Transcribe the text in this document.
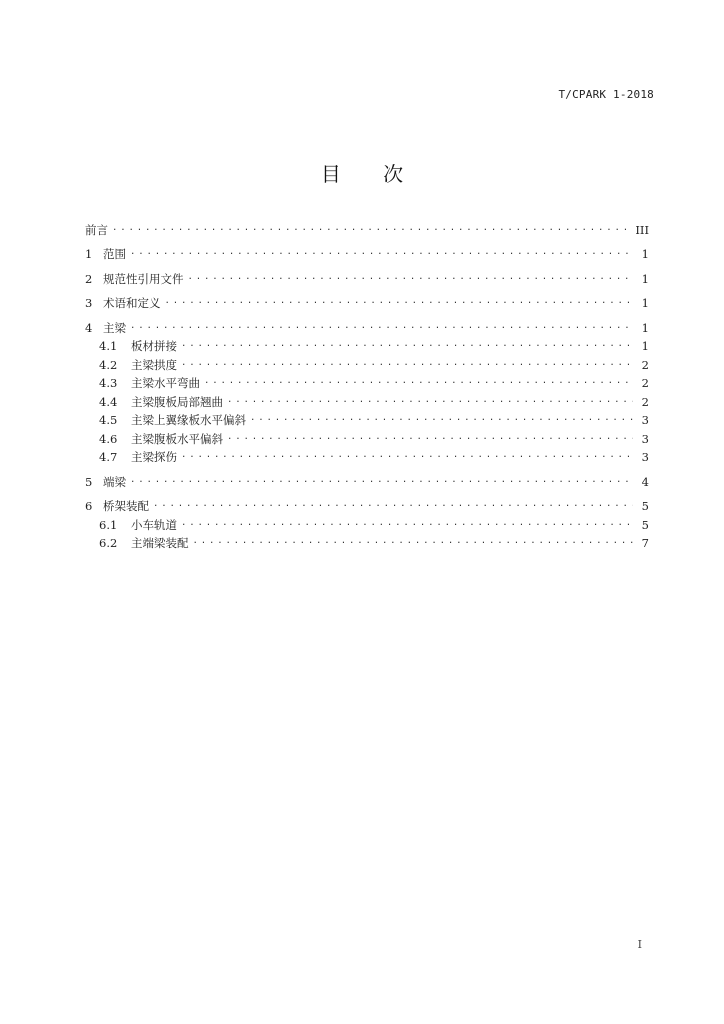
T/CPARK 1-2018
目 次
前言 . . .	III
1 范围 . . .	1
2 规范性引用文件 . . .	1
3 术语和定义 . . .	1
4 主梁 . . .	1
4.1	板材拼接 . . .	1
4.2	主梁拱度 . . .	2
4.3	主梁水平弯曲 . . .	2
4.4	主梁腹板局部翘曲 . . .	2
4.5	主梁上翼缘板水平偏斜 . . .	3
4.6	主梁腹板水平偏斜 . . .	3
4.7	主梁探伤 . . .	3
5 端梁 . . .	4
6 桥架装配 . . .	5
6.1	小车轨道 . . .	5
6.2	主端梁装配 . . .	7
I
